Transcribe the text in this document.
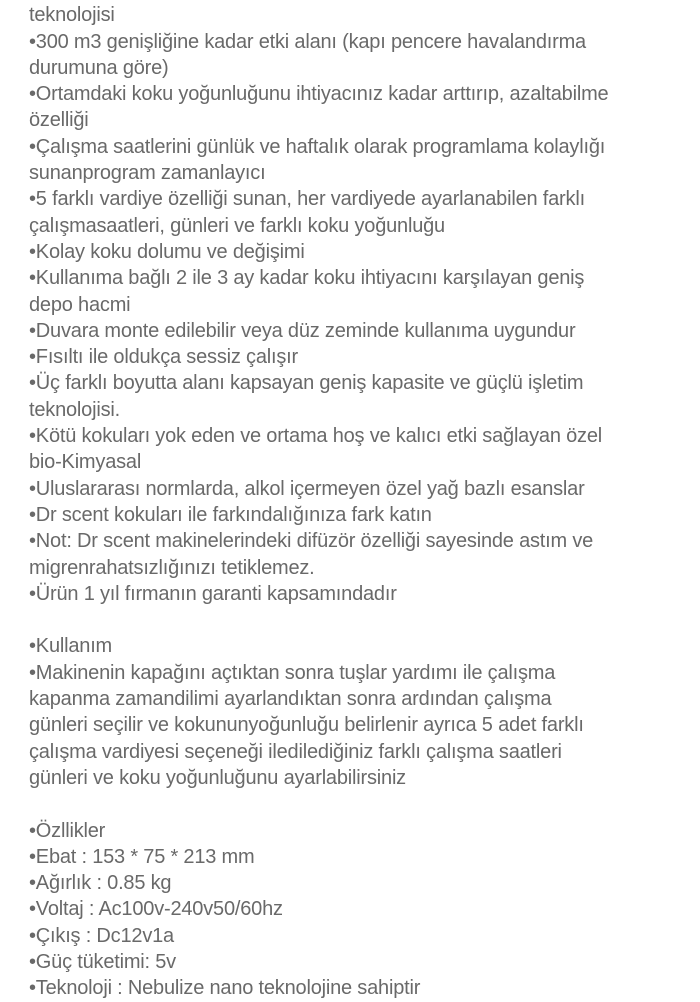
teknolojisi
•300 m3 genişliğine kadar etki alanı (kapı pencere havalandırma
durumuna göre)
•Ortamdaki koku yoğunluğunu ihtiyacınız kadar arttırıp, azaltabilme
özelliği
•Çalışma saatlerini günlük ve haftalık olarak programlama kolaylığı
sunanprogram zamanlayıcı
•5 farklı vardiye özelliği sunan, her vardiyede ayarlanabilen farklı
çalışmasaatleri, günleri ve farklı koku yoğunluğu
•Kolay koku dolumu ve değişimi
•Kullanıma bağlı 2 ile 3 ay kadar koku ihtiyacını karşılayan geniş
depo hacmi
•Duvara monte edilebilir veya düz zeminde kullanıma uygundur
•Fısıltı ile oldukça sessiz çalışır
•Üç farklı boyutta alanı kapsayan geniş kapasite ve güçlü işletim
teknolojisi.
•Kötü kokuları yok eden ve ortama hoş ve kalıcı etki sağlayan özel
bio-Kimyasal
•Uluslararası normlarda, alkol içermeyen özel yağ bazlı esanslar
•Dr scent kokuları ile farkındalığınıza fark katın
•Not: Dr scent makinelerindeki difüzör özelliği sayesinde astım ve
migrenrahatsızlığınızı tetiklemez.
•Ürün 1 yıl fırmanın garanti kapsamındadır
•Kullanım
•Makinenin kapağını açtıktan sonra tuşlar yardımı ile çalışma
kapanma zamandilimi ayarlandıktan sonra ardından çalışma
günleri seçilir ve kokununyoğunluğu belirlenir ayrıca 5 adet farklı
çalışma vardiyesi seçeneği iledilediğiniz farklı çalışma saatleri
günleri ve koku yoğunluğunu ayarlabilirsiniz
•Özllikler
•Ebat : 153 * 75 * 213 mm
•Ağırlık : 0.85 kg
•Voltaj : Ac100v-240v50/60hz
•Çıkış : Dc12v1a
•Güç tüketimi: 5v
•Teknoloji : Nebulize nano teknolojine sahiptir
